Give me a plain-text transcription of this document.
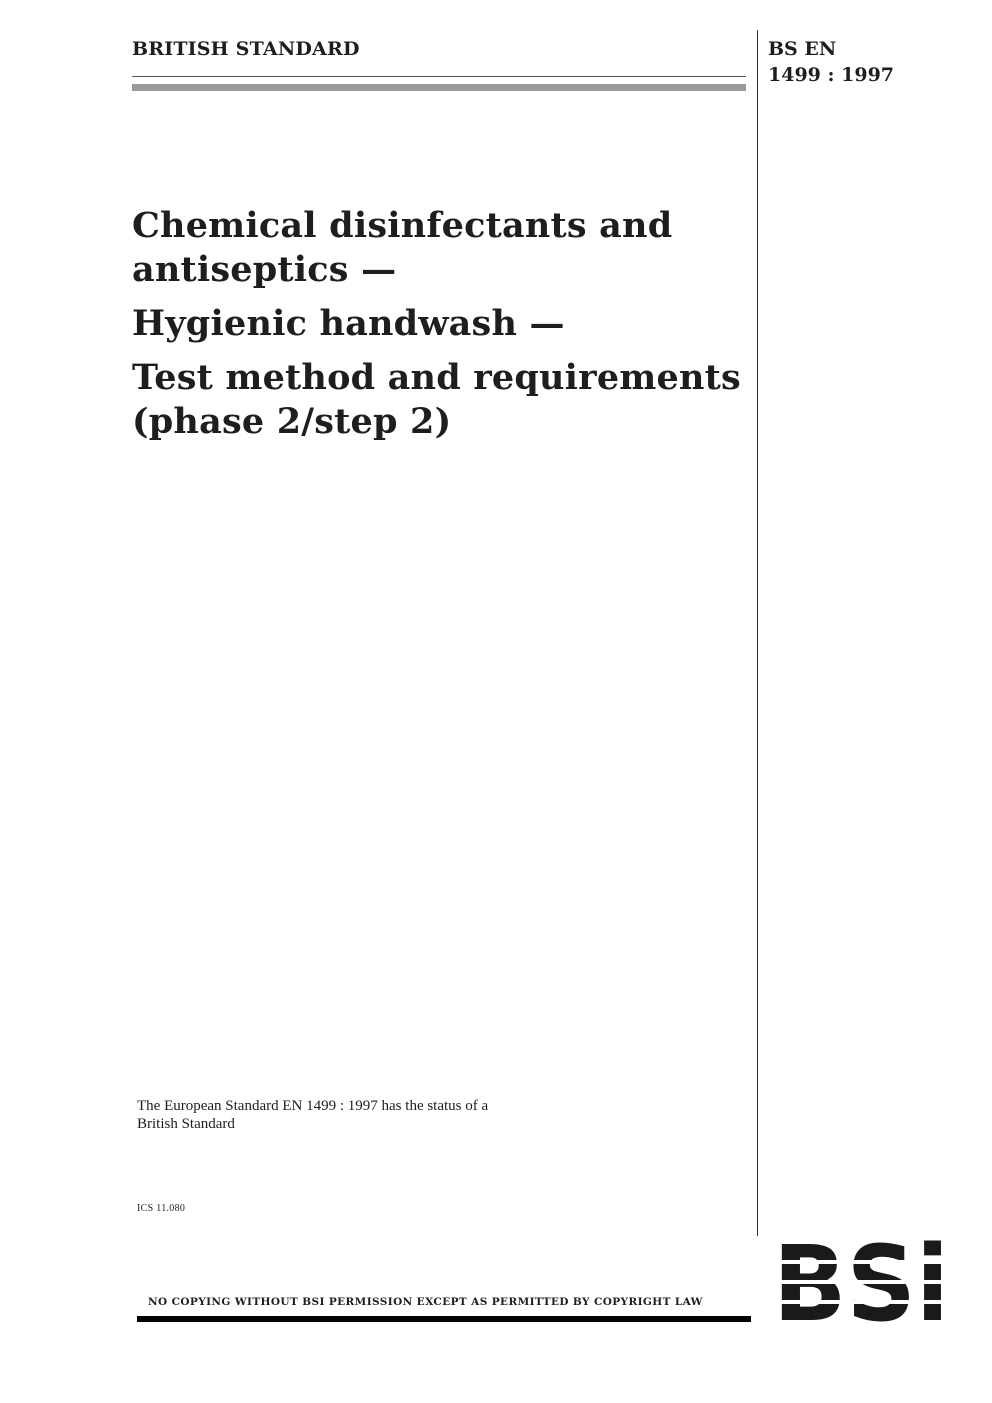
BRITISH STANDARD	BS EN
1499 : 1997
Chemical disinfectants and
antiseptics —
Hygienic handwash —
Test method and requirements
(phase 2/step 2)
The European Standard EN 1499 : 1997 has the status of a
British Standard
ICS 11.080
NO COPYING WITHOUT BSI PERMISSION EXCEPT AS PERMITTED BY COPYRIGHT LAW
